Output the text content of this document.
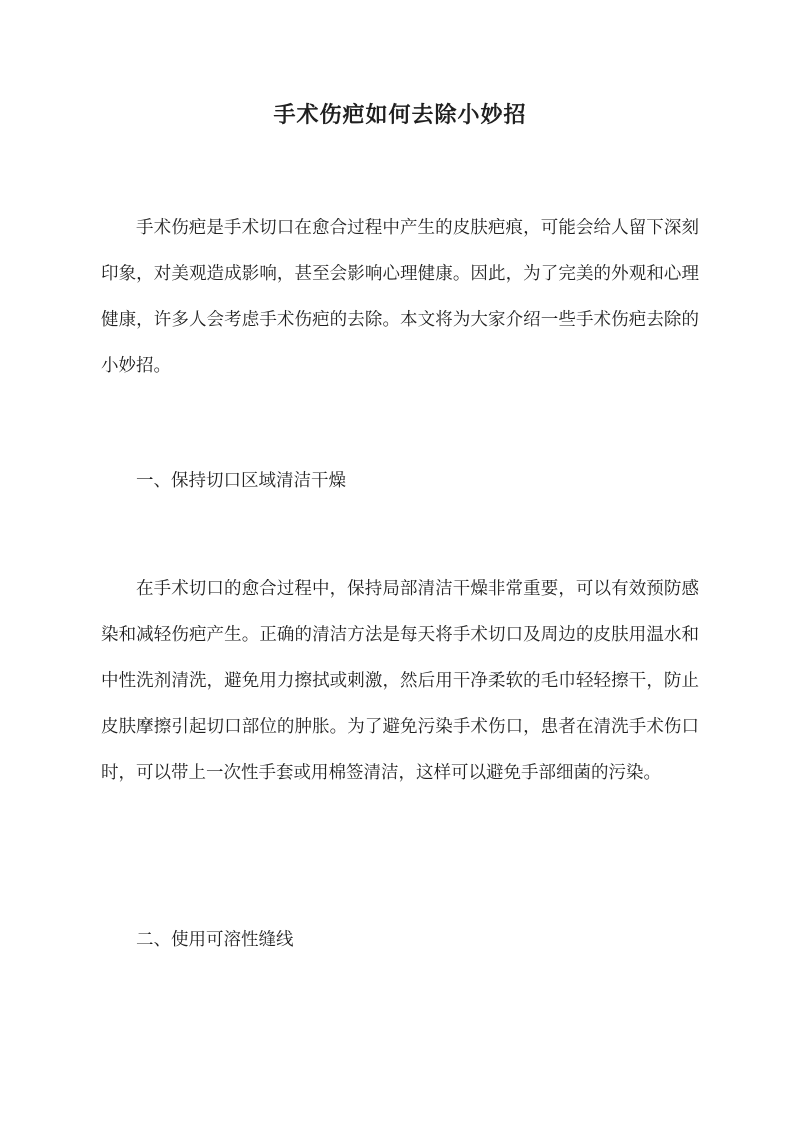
手术伤疤如何去除小妙招

手术伤疤是手术切口在愈合过程中产生的皮肤疤痕，可能会给人留下深刻印象，对美观造成影响，甚至会影响心理健康。因此，为了完美的外观和心理健康，许多人会考虑手术伤疤的去除。本文将为大家介绍一些手术伤疤去除的小妙招。

一、保持切口区域清洁干燥

在手术切口的愈合过程中，保持局部清洁干燥非常重要，可以有效预防感染和减轻伤疤产生。正确的清洁方法是每天将手术切口及周边的皮肤用温水和中性洗剂清洗，避免用力擦拭或刺激，然后用干净柔软的毛巾轻轻擦干，防止皮肤摩擦引起切口部位的肿胀。为了避免污染手术伤口，患者在清洗手术伤口时，可以带上一次性手套或用棉签清洁，这样可以避免手部细菌的污染。

二、使用可溶性缝线
